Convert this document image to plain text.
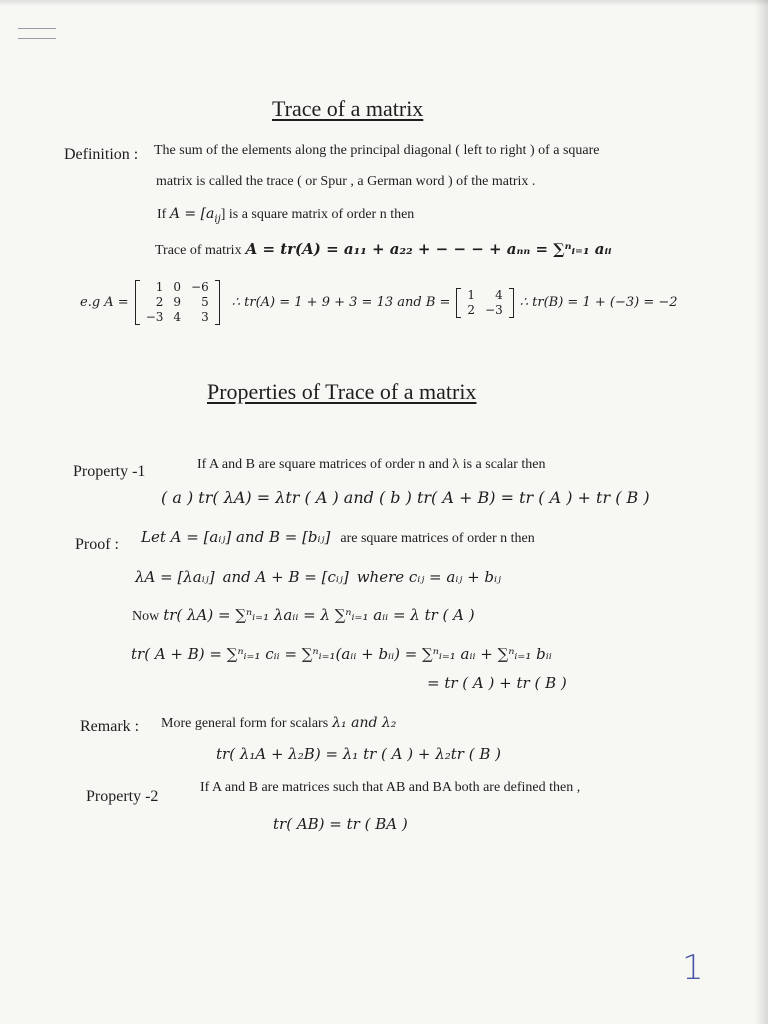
Trace of a matrix
Definition : The sum of the elements along the principal diagonal ( left to right ) of a square
matrix is called the trace ( or Spur , a German word ) of the matrix .
If $A = [a_{ij}]$ is a square matrix of order n then
Trace of matrix A = tr(A) = a₁₁ + a₂₂ + − − − + aₙₙ = ∑ⁿᵢ₌₁ aᵢᵢ
e.g A =
1	0	−6
2	9	5
−3	4	3
∴ tr(A) = 1 + 9 + 3 = 13 and B =
1	4
2	−3 ∴ tr(B) = 1 + (−3) = −2
Properties of Trace of a matrix
Property -1	If A and B are square matrices of order n and λ is a scalar then
( a ) tr( λA) = λtr ( A ) and ( b ) tr( A + B) = tr ( A ) + tr ( B )
Proof : Let A = [aᵢⱼ] and B = [bᵢⱼ] are square matrices of order n then
λA = [λaᵢⱼ] and A + B = [cᵢⱼ] where cᵢⱼ = aᵢⱼ + bᵢⱼ
Now tr( λA) = ∑ⁿᵢ₌₁ λaᵢᵢ = λ ∑ⁿᵢ₌₁ aᵢᵢ = λ tr ( A )
tr( A + B) = ∑ⁿᵢ₌₁ cᵢᵢ = ∑ⁿᵢ₌₁(aᵢᵢ + bᵢᵢ) = ∑ⁿᵢ₌₁ aᵢᵢ + ∑ⁿᵢ₌₁ bᵢᵢ
= tr ( A ) + tr ( B )
Remark : More general form for scalars λ₁ and λ₂
tr( λ₁A + λ₂B) = λ₁ tr ( A ) + λ₂tr ( B )
Property -2
If A and B are matrices such that AB and BA both are defined then ,
tr( AB) = tr ( BA )
1
